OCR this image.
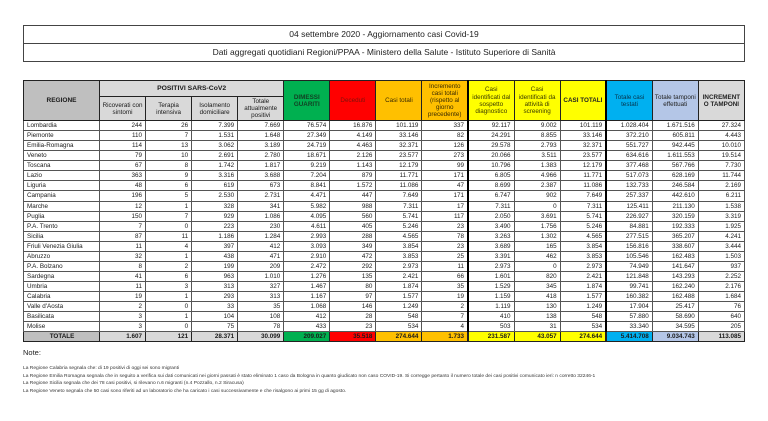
04 settembre 2020 - Aggiornamento casi Covid-19
Dati aggregati quotidiani Regioni/PPAA - Ministero della Salute - Istituto Superiore di Sanità
REGIONE	POSITIVI SARS-CoV2				DIMESSI GUARITI	Deceduti	Casi totali	Incremento casi totali (rispetto al giorno precedente)	Casi identificati dal sospetto diagnostico	Casi identificati da attività di screening	CASI TOTALI	Totale casi testati	Totale tamponi effettuati	INCREMENTO TAMPONI
	Ricoverati con sintomi	Terapia intensiva	Isolamento domiciliare	Totale attualmente positivi										
Lombardia	244	26	7.399	7.669	76.574	16.876	101.119	337	92.117	9.002	101.119	1.028.404	1.671.516	27.324
Piemonte	110	7	1.531	1.648	27.349	4.149	33.146	82	24.291	8.855	33.146	372.210	605.811	4.443
Emilia-Romagna	114	13	3.062	3.189	24.719	4.463	32.371	126	29.578	2.793	32.371	551.727	942.445	10.010
Veneto	79	10	2.691	2.780	18.671	2.126	23.577	273	20.066	3.511	23.577	634.616	1.611.553	19.514
Toscana	67	8	1.742	1.817	9.219	1.143	12.179	99	10.796	1.383	12.179	377.468	567.766	7.730
Lazio	363	9	3.316	3.688	7.204	879	11.771	171	6.805	4.966	11.771	517.073	628.169	11.744
Liguria	48	6	619	673	8.841	1.572	11.086	47	8.699	2.387	11.086	132.733	246.584	2.169
Campania	196	5	2.530	2.731	4.471	447	7.649	171	6.747	902	7.649	257.337	442.610	6.211
Marche	12	1	328	341	5.982	988	7.311	17	7.311	0	7.311	125.411	211.130	1.538
Puglia	150	7	929	1.086	4.095	560	5.741	117	2.050	3.691	5.741	226.927	320.159	3.319
P.A. Trento	7	0	223	230	4.611	405	5.246	23	3.490	1.756	5.246	84.881	192.333	1.925
Sicilia	87	11	1.186	1.284	2.993	288	4.565	78	3.263	1.302	4.565	277.515	365.207	4.241
Friuli Venezia Giulia	11	4	397	412	3.093	349	3.854	23	3.689	165	3.854	156.816	338.607	3.444
Abruzzo	32	1	438	471	2.910	472	3.853	25	3.391	462	3.853	105.546	162.483	1.503
P.A. Bolzano	8	2	199	209	2.472	292	2.973	11	2.973	0	2.973	74.949	141.647	937
Sardegna	41	6	963	1.010	1.276	135	2.421	66	1.601	820	2.421	121.848	143.293	2.252
Umbria	11	3	313	327	1.467	80	1.874	35	1.529	345	1.874	99.741	162.240	2.176
Calabria	19	1	293	313	1.167	97	1.577	19	1.159	418	1.577	160.382	162.488	1.684
Valle d'Aosta	2	0	33	35	1.068	146	1.249	2	1.119	130	1.249	17.904	25.417	76
Basilicata	3	1	104	108	412	28	548	7	410	138	548	57.880	58.690	640
Molise	3	0	75	78	433	23	534	4	503	31	534	33.340	34.595	205
TOTALE	1.607	121	28.371	30.099	209.027	35.518	274.644	1.733	231.587	43.057	274.644	5.414.708	9.034.743	113.085
Note:
La Regione Calabria segnala che: di 19 positivi di oggi sei sono migranti
La Regione Emilia Romagna segnala che in seguito a verifica sui dati comunicati nei giorni passati è stato eliminato 1 caso da Bologna in quanto giudicato non caso COVID-19. Si corregge pertanto il numero totale dei casi positivi comunicato ieri: n corretto 32246-1
La Regione Sicilia segnala che dei 78 casi positivi, si rilevano n.6 migranti (n.4 Pozzallo, n.2 Siracusa)
La Regione Veneto segnala che 50 casi sono riferiti ad un laboratorio che ha caricato i casi successivamente e che risalgono ai primi 15 gg di agosto.
